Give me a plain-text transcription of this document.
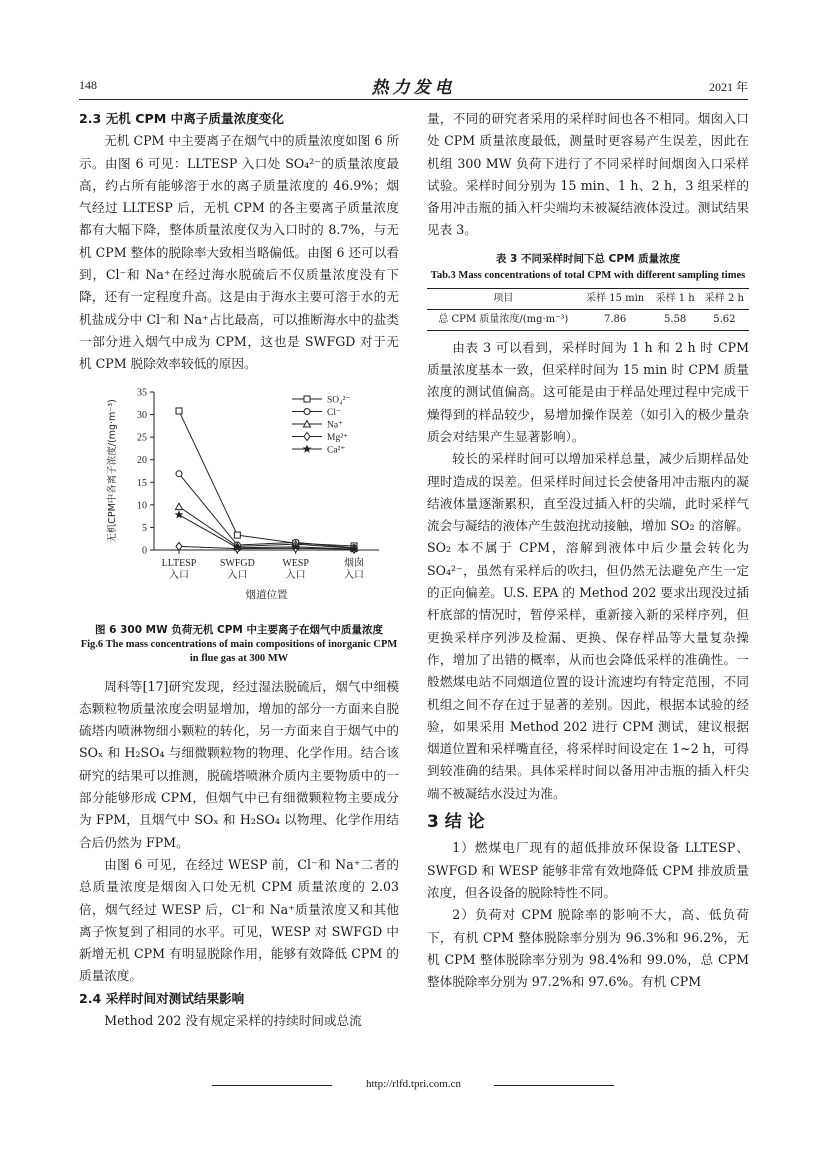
148	热力发电	2021 年
2.3 无机 CPM 中离子质量浓度变化

无机 CPM 中主要离子在烟气中的质量浓度如图 6 所示。由图 6 可见：LLTESP 入口处 SO₄²⁻的质量浓度最高，约占所有能够溶于水的离子质量浓度的 46.9%；烟气经过 LLTESP 后，无机 CPM 的各主要离子质量浓度都有大幅下降，整体质量浓度仅为入口时的 8.7%，与无机 CPM 整体的脱除率大致相当略偏低。由图 6 还可以看到，Cl⁻和 Na⁺在经过海水脱硫后不仅质量浓度没有下降，还有一定程度升高。这是由于海水主要可溶于水的无机盐成分中 Cl⁻和 Na⁺占比最高，可以推断海水中的盐类一部分进入烟气中成为 CPM，这也是 SWFGD 对于无机 CPM 脱除效率较低的原因。

0
5
10
15
20
25
30
35
LLTESP
入口
SWFGD
入口
WESP
入口
烟囱
入口
烟道位置
无机CPM中各离子浓度/(mg·m⁻³)	SO₄²⁻
Cl⁻
Na⁺
Mg²⁺
Ca²⁺
图 6 300 MW 负荷无机 CPM 中主要离子在烟气中质量浓度
Fig.6 The mass concentrations of main compositions of inorganic CPM in flue gas at 300 MW

周科等[17]研究发现，经过湿法脱硫后，烟气中细模态颗粒物质量浓度会明显增加，增加的部分一方面来自脱硫塔内喷淋物细小颗粒的转化，另一方面来自于烟气中的 SOₓ 和 H₂SO₄ 与细微颗粒物的物理、化学作用。结合该研究的结果可以推测，脱硫塔喷淋介质内主要物质中的一部分能够形成 CPM，但烟气中已有细微颗粒物主要成分为 FPM，且烟气中 SOₓ 和 H₂SO₄ 以物理、化学作用结合后仍然为 FPM。

由图 6 可见，在经过 WESP 前，Cl⁻和 Na⁺二者的总质量浓度是烟囱入口处无机 CPM 质量浓度的 2.03 倍，烟气经过 WESP 后，Cl⁻和 Na⁺质量浓度又和其他离子恢复到了相同的水平。可见，WESP 对 SWFGD 中新增无机 CPM 有明显脱除作用，能够有效降低 CPM 的质量浓度。

2.4 采样时间对测试结果影响

Method 202 没有规定采样的持续时间或总流

量，不同的研究者采用的采样时间也各不相同。烟囱入口处 CPM 质量浓度最低，测量时更容易产生误差，因此在机组 300 MW 负荷下进行了不同采样时间烟囱入口采样试验。采样时间分别为 15 min、1 h、2 h，3 组采样的备用冲击瓶的插入杆尖端均未被凝结液体没过。测试结果见表 3。

表 3 不同采样时间下总 CPM 质量浓度
Tab.3 Mass concentrations of total CPM with different sampling times
项目	采样 15 min	采样 1 h	采样 2 h
总 CPM 质量浓度/(mg·m⁻³)	7.86	5.58	5.62

由表 3 可以看到，采样时间为 1 h 和 2 h 时 CPM 质量浓度基本一致，但采样时间为 15 min 时 CPM 质量浓度的测试值偏高。这可能是由于样品处理过程中完成干燥得到的样品较少，易增加操作误差（如引入的极少量杂质会对结果产生显著影响）。

较长的采样时间可以增加采样总量，减少后期样品处理时造成的误差。但采样时间过长会使备用冲击瓶内的凝结液体量逐渐累积，直至没过插入杆的尖端，此时采样气流会与凝结的液体产生鼓泡扰动接触，增加 SO₂ 的溶解。SO₂ 本不属于 CPM，溶解到液体中后少量会转化为 SO₄²⁻，虽然有采样后的吹扫，但仍然无法避免产生一定的正向偏差。U.S. EPA 的 Method 202 要求出现没过插杆底部的情况时，暂停采样，重新接入新的采样序列，但更换采样序列涉及检漏、更换、保存样品等大量复杂操作，增加了出错的概率，从而也会降低采样的准确性。一般燃煤电站不同烟道位置的设计流速均有特定范围，不同机组之间不存在过于显著的差别。因此，根据本试验的经验，如果采用 Method 202 进行 CPM 测试，建议根据烟道位置和采样嘴直径，将采样时间设定在 1~2 h，可得到较准确的结果。具体采样时间以备用冲击瓶的插入杆尖端不被凝结水没过为准。

3 结 论

1）燃煤电厂现有的超低排放环保设备 LLTESP、SWFGD 和 WESP 能够非常有效地降低 CPM 排放质量浓度，但各设备的脱除特性不同。

2）负荷对 CPM 脱除率的影响不大，高、低负荷下，有机 CPM 整体脱除率分别为 96.3%和 96.2%，无机 CPM 整体脱除率分别为 98.4%和 99.0%，总 CPM 整体脱除率分别为 97.2%和 97.6%。有机 CPM

http://rlfd.tpri.com.cn
